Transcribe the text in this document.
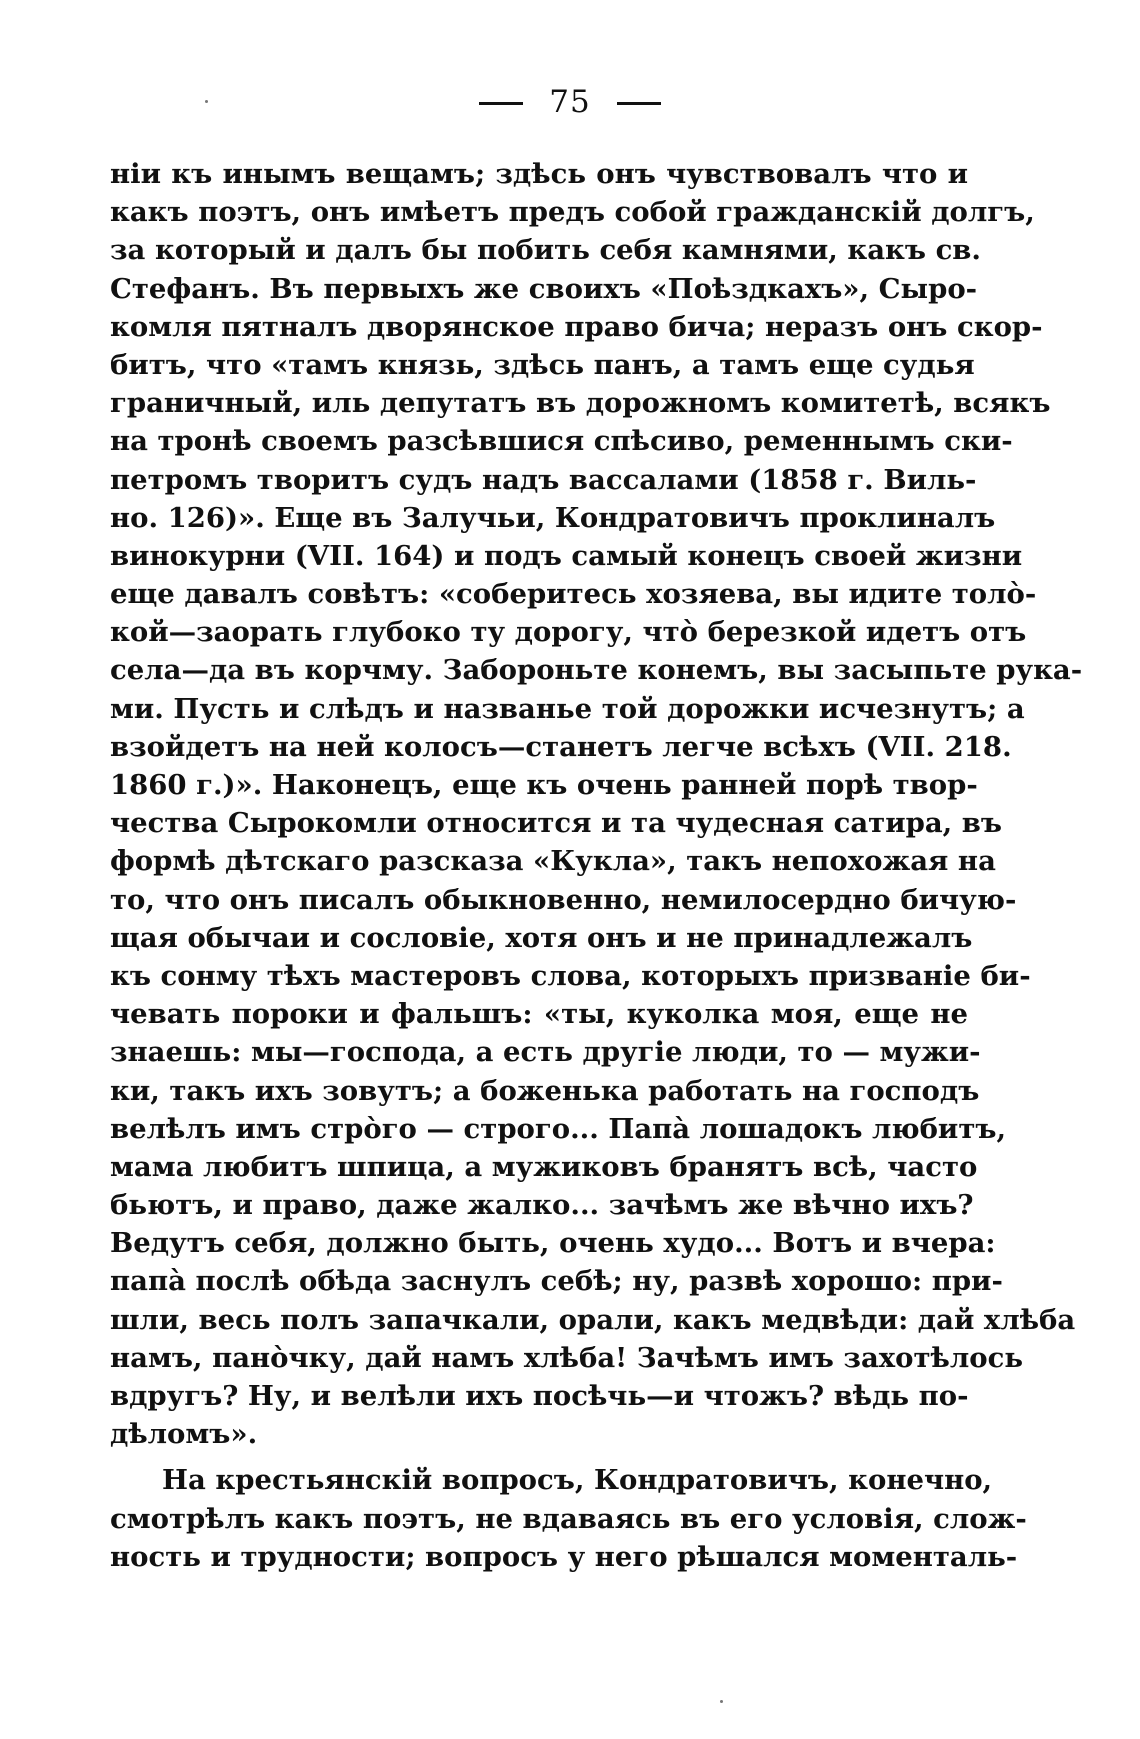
75
ніи къ инымъ вещамъ; здѣсь онъ чувствовалъ что и
какъ поэтъ, онъ имѣетъ предъ собой гражданскій долгъ,
за который и далъ бы побить себя камнями, какъ св.
Стефанъ. Въ первыхъ же своихъ «Поѣздкахъ», Сыро-
комля пятналъ дворянское право бича; неразъ онъ скор-
битъ, что «тамъ князь, здѣсь панъ, а тамъ еще судья
граничный, иль депутатъ въ дорожномъ комитетѣ, всякъ
на тронѣ своемъ разсѣвшися спѣсиво, ременнымъ ски-
петромъ творитъ судъ надъ вассалами (1858 г. Виль-
но. 126)». Еще въ Залучьи, Кондратовичъ проклиналъ
винокурни (VII. 164) и подъ самый конецъ своей жизни
еще давалъ совѣтъ: «соберитесь хозяева, вы идите толо̀-
кой—заорать глубоко ту дорогу, что̀ березкой идетъ отъ
села—да въ корчму. Забороньте конемъ, вы засыпьте рука-
ми. Пусть и слѣдъ и названье той дорожки исчезнутъ; а
взойдетъ на ней колосъ—станетъ легче всѣхъ (VII. 218.
1860 г.)». Наконецъ, еще къ очень ранней порѣ твор-
чества Сырокомли относится и та чудесная сатира, въ
формѣ дѣтскаго разсказа «Кукла», такъ непохожая на
то, что онъ писалъ обыкновенно, немилосердно бичую-
щая обычаи и сословіе, хотя онъ и не принадлежалъ
къ сонму тѣхъ мастеровъ слова, которыхъ призваніе би-
чевать пороки и фальшъ: «ты, куколка моя, еще не
знаешь: мы—господа, а есть другіе люди, то — мужи-
ки, такъ ихъ зовутъ; а боженька работать на господъ
велѣлъ имъ стро̀го — строго... Папа̀ лошадокъ любитъ,
мама любитъ шпица, а мужиковъ бранятъ всѣ, часто
бьютъ, и право, даже жалко... зачѣмъ же вѣчно ихъ?
Ведутъ себя, должно быть, очень худо... Вотъ и вчера:
папа̀ послѣ обѣда заснулъ себѣ; ну, развѣ хорошо: при-
шли, весь полъ запачкали, орали, какъ медвѣди: дай хлѣба
намъ, пано̀чку, дай намъ хлѣба! Зачѣмъ имъ захотѣлось
вдругъ? Ну, и велѣли ихъ посѣчь—и чтожъ? вѣдь по-
дѣломъ».
На крестьянскій вопросъ, Кондратовичъ, конечно,
смотрѣлъ какъ поэтъ, не вдаваясь въ его условія, слож-
ность и трудности; вопросъ у него рѣшался моменталь-
